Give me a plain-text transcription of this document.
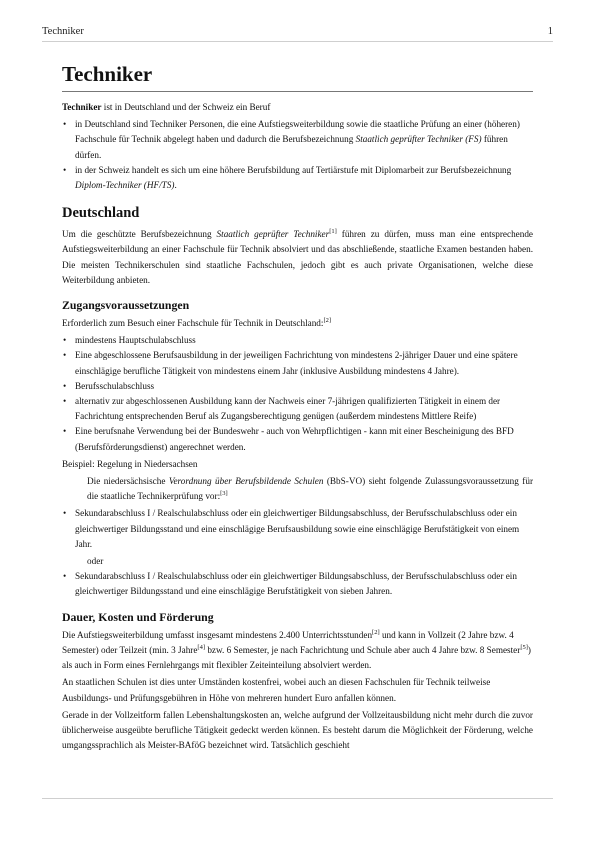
Techniker	1
Techniker

Techniker ist in Deutschland und der Schweiz ein Beruf

• in Deutschland sind Techniker Personen, die eine Aufstiegsweiterbildung sowie die staatliche Prüfung an einer (höheren) Fachschule für Technik abgelegt haben und dadurch die Berufsbezeichnung Staatlich geprüfter Techniker (FS) führen dürfen.
• in der Schweiz handelt es sich um eine höhere Berufsbildung auf Tertiärstufe mit Diplomarbeit zur Berufsbezeichnung Diplom-Techniker (HF/TS).
Deutschland

Um die geschützte Berufsbezeichnung Staatlich geprüfter Techniker[1] führen zu dürfen, muss man eine entsprechende Aufstiegsweiterbildung an einer Fachschule für Technik absolviert und das abschließende, staatliche Examen bestanden haben. Die meisten Technikerschulen sind staatliche Fachschulen, jedoch gibt es auch private Organisationen, welche diese Weiterbildung anbieten.

Zugangsvoraussetzungen

Erforderlich zum Besuch einer Fachschule für Technik in Deutschland:[2]

• mindestens Hauptschulabschluss
• Eine abgeschlossene Berufsausbildung in der jeweiligen Fachrichtung von mindestens 2-jähriger Dauer und eine spätere einschlägige berufliche Tätigkeit von mindestens einem Jahr (inklusive Ausbildung mindestens 4 Jahre).
• Berufsschulabschluss
• alternativ zur abgeschlossenen Ausbildung kann der Nachweis einer 7-jährigen qualifizierten Tätigkeit in einem der Fachrichtung entsprechenden Beruf als Zugangsberechtigung genügen (außerdem mindestens Mittlere Reife)
• Eine berufsnahe Verwendung bei der Bundeswehr - auch von Wehrpflichtigen - kann mit einer Bescheinigung des BFD (Berufsförderungsdienst) angerechnet werden.

Beispiel: Regelung in Niedersachsen

Die niedersächsische Verordnung über Berufsbildende Schulen (BbS-VO) sieht folgende Zulassungsvoraussetzung für die staatliche Technikerprüfung vor:[3]

• Sekundarabschluss I / Realschulabschluss oder ein gleichwertiger Bildungsabschluss, der Berufsschulabschluss oder ein gleichwertiger Bildungsstand und eine einschlägige Berufsausbildung sowie eine einschlägige Berufstätigkeit von einem Jahr.

oder

• Sekundarabschluss I / Realschulabschluss oder ein gleichwertiger Bildungsabschluss, der Berufsschulabschluss oder ein gleichwertiger Bildungsstand und eine einschlägige Berufstätigkeit von sieben Jahren.
Dauer, Kosten und Förderung

Die Aufstiegsweiterbildung umfasst insgesamt mindestens 2.400 Unterrichtsstunden[2] und kann in Vollzeit (2 Jahre bzw. 4 Semester) oder Teilzeit (min. 3 Jahre[4] bzw. 6 Semester, je nach Fachrichtung und Schule aber auch 4 Jahre bzw. 8 Semester[5]) als auch in Form eines Fernlehrgangs mit flexibler Zeiteinteilung absolviert werden.

An staatlichen Schulen ist dies unter Umständen kostenfrei, wobei auch an diesen Fachschulen für Technik teilweise Ausbildungs- und Prüfungsgebühren in Höhe von mehreren hundert Euro anfallen können.

Gerade in der Vollzeitform fallen Lebenshaltungskosten an, welche aufgrund der Vollzeitausbildung nicht mehr durch die zuvor üblicherweise ausgeübte berufliche Tätigkeit gedeckt werden können. Es besteht darum die Möglichkeit der Förderung, welche umgangssprachlich als Meister-BAföG bezeichnet wird. Tatsächlich geschieht
